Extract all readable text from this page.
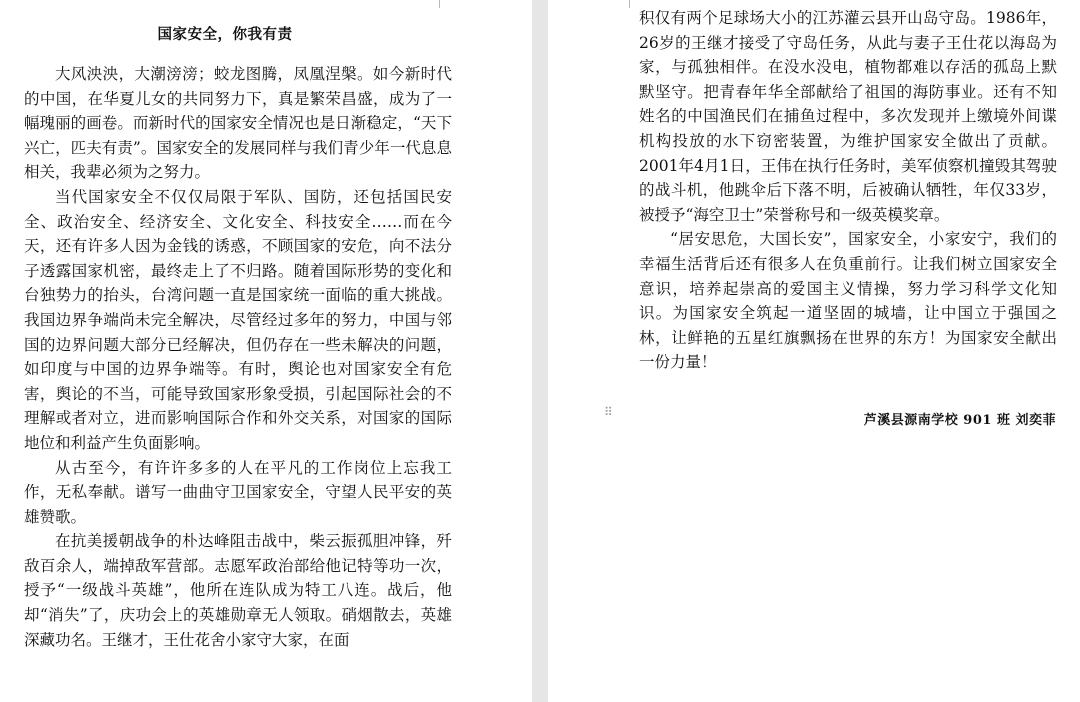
国家安全，你我有责

大风泱泱，大潮滂滂；蛟龙图腾，凤凰涅槃。如今新时代的中国，在华夏儿女的共同努力下，真是繁荣昌盛，成为了一幅瑰丽的画卷。而新时代的国家安全情况也是日渐稳定，“天下兴亡，匹夫有责”。国家安全的发展同样与我们青少年一代息息相关，我辈必须为之努力。

当代国家安全不仅仅局限于军队、国防，还包括国民安全、政治安全、经济安全、文化安全、科技安全……而在今天，还有许多人因为金钱的诱惑，不顾国家的安危，向不法分子透露国家机密，最终走上了不归路。随着国际形势的变化和台独势力的抬头，台湾问题一直是国家统一面临的重大挑战。我国边界争端尚未完全解决，尽管经过多年的努力，中国与邻国的边界问题大部分已经解决，但仍存在一些未解决的问题，如印度与中国的边界争端等。有时，舆论也对国家安全有危害，舆论的不当，可能导致国家形象受损，引起国际社会的不理解或者对立，进而影响国际合作和外交关系，对国家的国际地位和利益产生负面影响。

从古至今，有许许多多的人在平凡的工作岗位上忘我工作，无私奉献。谱写一曲曲守卫国家安全，守望人民平安的英雄赞歌。

在抗美援朝战争的朴达峰阻击战中，柴云振孤胆冲锋，歼敌百余人，端掉敌军营部。志愿军政治部给他记特等功一次，授予“一级战斗英雄”，他所在连队成为特工八连。战后，他却“消失”了，庆功会上的英雄勋章无人领取。硝烟散去，英雄深藏功名。王继才，王仕花舍小家守大家，在面

积仅有两个足球场大小的江苏灌云县开山岛守岛。1986年，26岁的王继才接受了守岛任务，从此与妻子王仕花以海岛为家，与孤独相伴。在没水没电，植物都难以存活的孤岛上默默坚守。把青春年华全部献给了祖国的海防事业。还有不知姓名的中国渔民们在捕鱼过程中，多次发现并上缴境外间谍机构投放的水下窃密装置，为维护国家安全做出了贡献。2001年4月1日，王伟在执行任务时，美军侦察机撞毁其驾驶的战斗机，他跳伞后下落不明，后被确认牺牲，年仅33岁，被授予“海空卫士”荣誉称号和一级英模奖章。

“居安思危，大国长安”，国家安全，小家安宁，我们的幸福生活背后还有很多人在负重前行。让我们树立国家安全意识，培养起崇高的爱国主义情操，努力学习科学文化知识。为国家安全筑起一道坚固的城墙，让中国立于强国之林，让鲜艳的五星红旗飘扬在世界的东方！为国家安全献出一份力量！

⠿
芦溪县源南学校 901 班 刘奕菲
